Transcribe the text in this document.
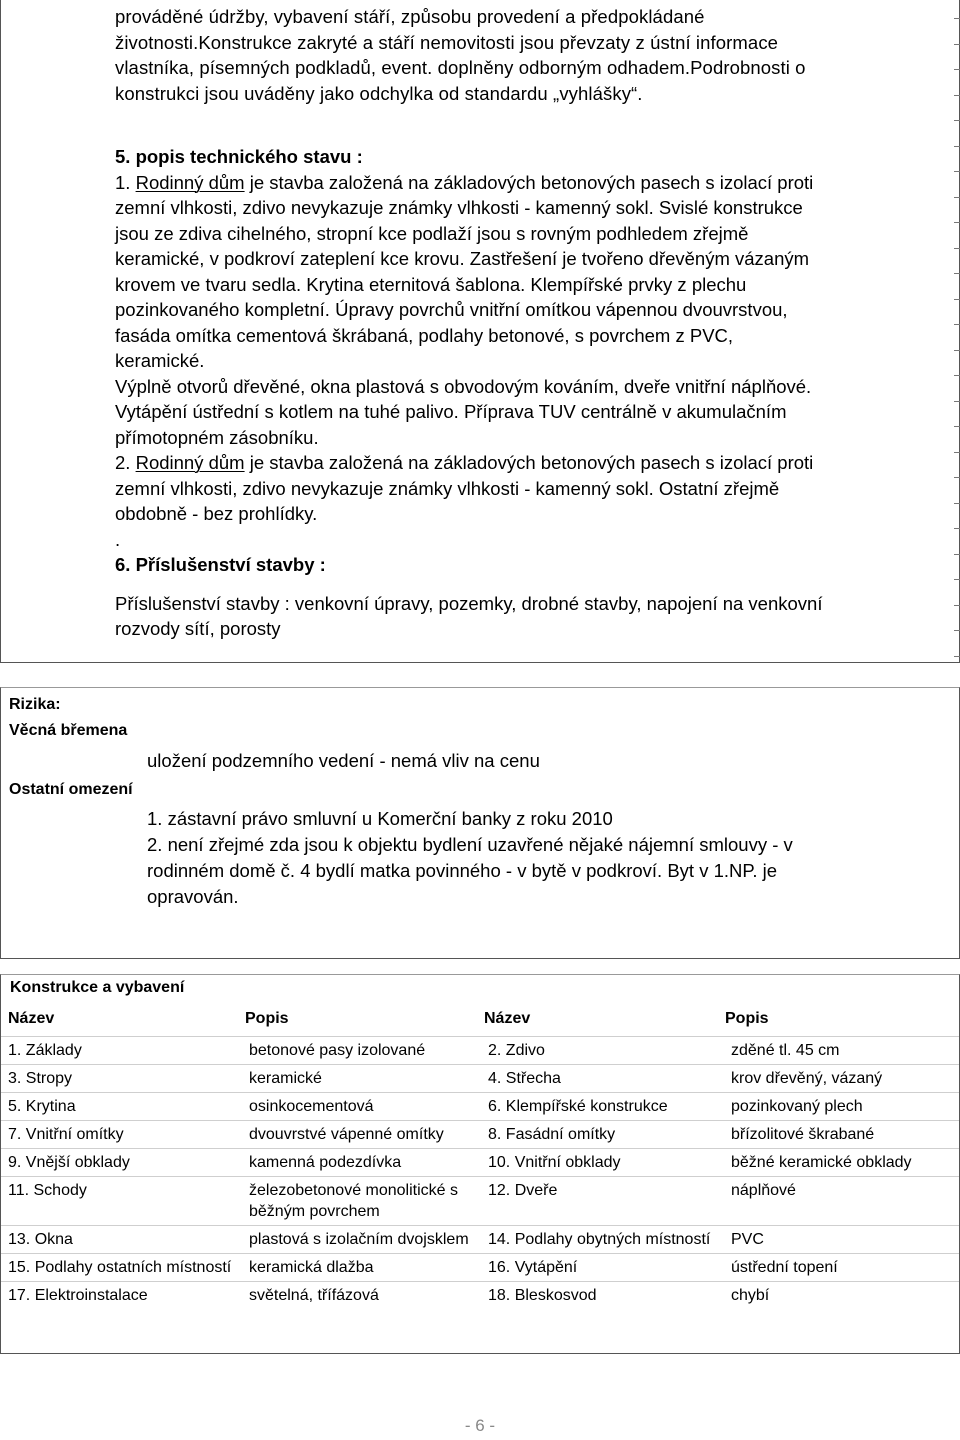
prováděné údržby, vybavení stáří, způsobu provedení a předpokládané

životnosti.Konstrukce zakryté a stáří nemovitosti jsou převzaty z ústní informace

vlastníka, písemných podkladů, event. doplněny odborným odhadem.Podrobnosti o

konstrukci jsou uváděny jako odchylka od standardu „vyhlášky“.

5. popis technického stavu :

1. Rodinný dům je stavba založená na základových betonových pasech s izolací proti

zemní vlhkosti, zdivo nevykazuje známky vlhkosti - kamenný sokl. Svislé konstrukce

jsou ze zdiva cihelného, stropní kce podlaží jsou s rovným podhledem zřejmě

keramické, v podkroví zateplení kce krovu. Zastřešení je tvořeno dřevěným vázaným

krovem ve tvaru sedla. Krytina eternitová šablona. Klempířské prvky z plechu

pozinkovaného kompletní. Úpravy povrchů vnitřní omítkou vápennou dvouvrstvou,

fasáda omítka cementová škrábaná, podlahy betonové, s povrchem z PVC,

keramické.

Výplně otvorů dřevěné, okna plastová s obvodovým kováním, dveře vnitřní náplňové.

Vytápění ústřední s kotlem na tuhé palivo. Příprava TUV centrálně v akumulačním

přímotopném zásobníku.

2. Rodinný dům je stavba založená na základových betonových pasech s izolací proti

zemní vlhkosti, zdivo nevykazuje známky vlhkosti - kamenný sokl. Ostatní zřejmě

obdobně - bez prohlídky.

.

6. Příslušenství stavby :

Příslušenství stavby : venkovní úpravy, pozemky, drobné stavby, napojení na venkovní

rozvody sítí, porosty

Rizika:
Věcná břemena
uložení podzemního vedení - nemá vliv na cenu
Ostatní omezení
1. zástavní právo smluvní u Komerční banky z roku 2010
2. není zřejmé zda jsou k objektu bydlení uzavřené nějaké nájemní smlouvy - v
rodinném domě č. 4 bydlí matka povinného - v bytě v podkroví. Byt v 1.NP. je
opravován.
Konstrukce a vybavení
Název	Popis	Název	Popis
1. Základy	betonové pasy izolované	2. Zdivo	zděné tl. 45 cm
3. Stropy	keramické	4. Střecha	krov dřevěný, vázaný
5. Krytina	osinkocementová	6. Klempířské konstrukce	pozinkovaný plech
7. Vnitřní omítky	dvouvrstvé vápenné omítky	8. Fasádní omítky	břízolitové škrabané
9. Vnější obklady	kamenná podezdívka	10. Vnitřní obklady	běžné keramické obklady
11. Schody	železobetonové monolitické s běžným povrchem	12. Dveře	náplňové
13. Okna	plastová s izolačním dvojsklem	14. Podlahy obytných místností	PVC
15. Podlahy ostatních místností	keramická dlažba	16. Vytápění	ústřední topení
17. Elektroinstalace	světelná, třífázová	18. Bleskosvod	chybí
- 6 -
